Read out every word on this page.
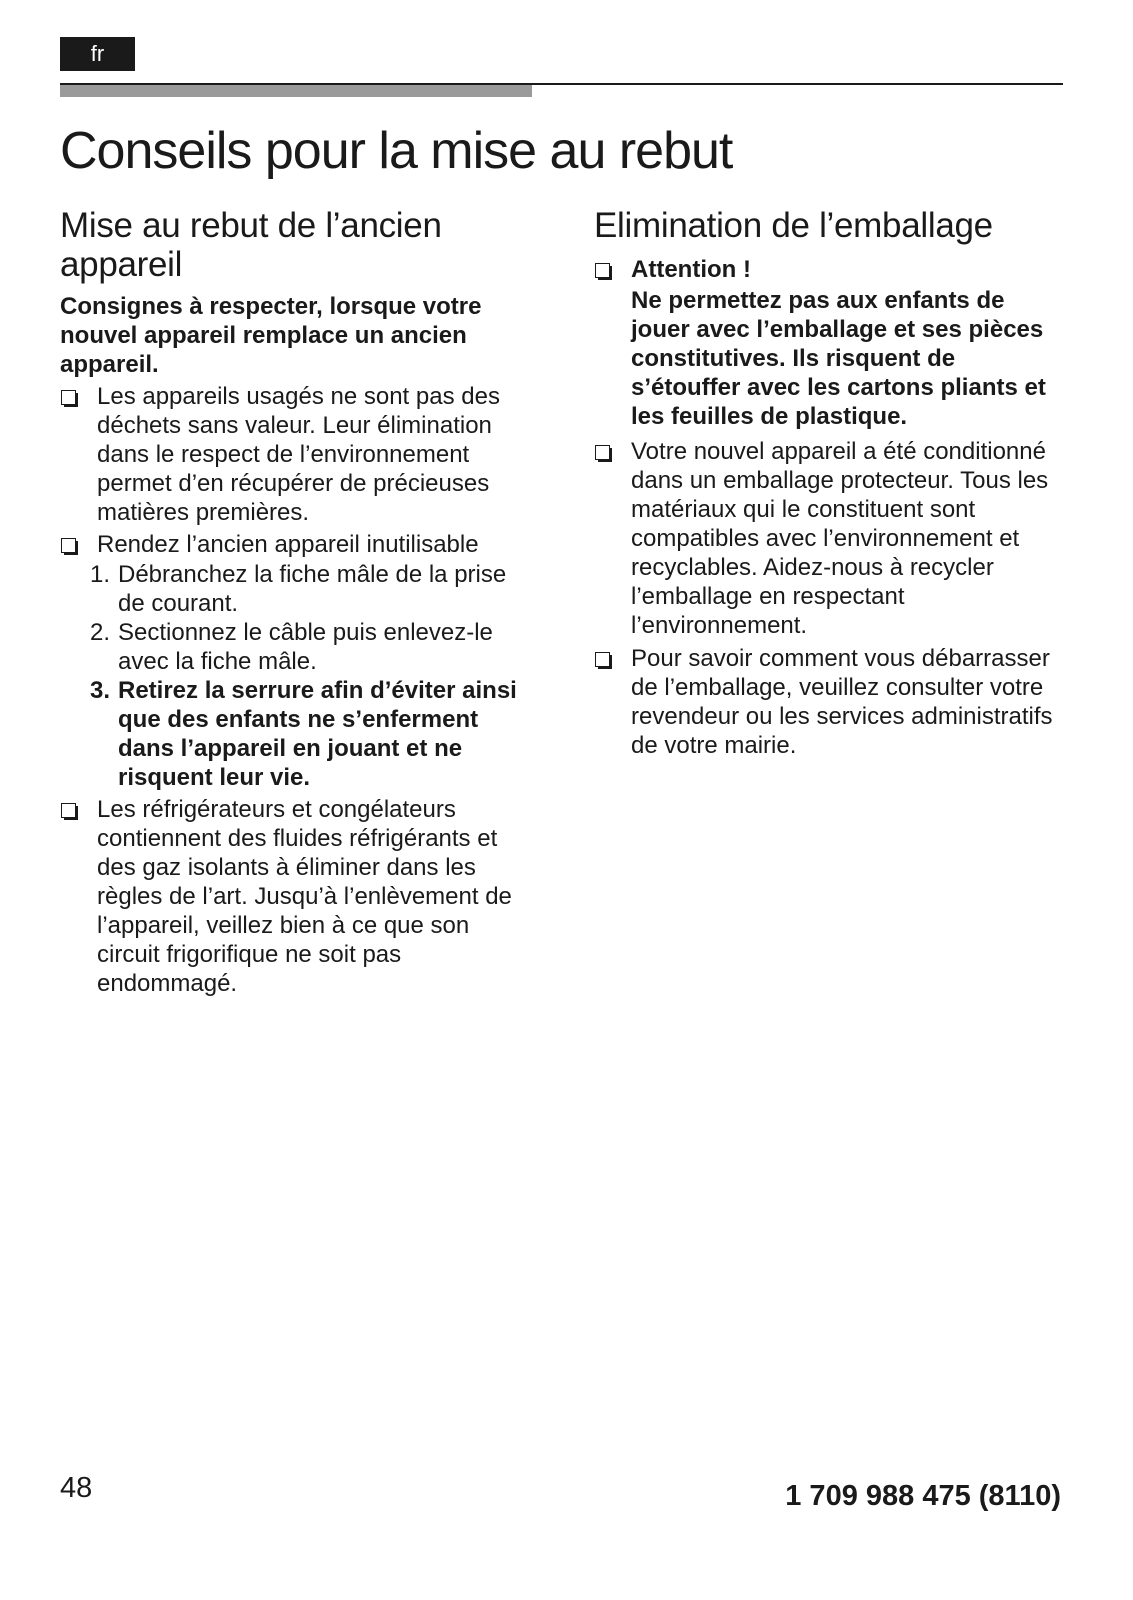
fr
Conseils pour la mise au rebut
Mise au rebut de l’ancien appareil

Consignes à respecter, lorsque votre nouvel appareil remplace un ancien appareil.

Les appareils usagés ne sont pas des déchets sans valeur. Leur élimination dans le respect de l’environnement permet d’en récupérer de précieuses matières premières.
Rendez l’ancien appareil inutilisable
1. Débranchez la fiche mâle de la prise de courant.
2. Sectionnez le câble puis enlevez-le avec la fiche mâle.
3. Retirez la serrure afin d’éviter ainsi que des enfants ne s’enferment dans l’appareil en jouant et ne risquent leur vie.
Les réfrigérateurs et congélateurs contiennent des fluides réfrigérants et des gaz isolants à éliminer dans les règles de l’art. Jusqu’à l’enlèvement de l’appareil, veillez bien à ce que son circuit frigorifique ne soit pas endommagé.
Elimination de l’emballage
Attention !

Ne permettez pas aux enfants de jouer avec l’emballage et ses pièces constitutives. Ils risquent de s’étouffer avec les cartons pliants et les feuilles de plastique.

Votre nouvel appareil a été conditionné dans un emballage protecteur. Tous les matériaux qui le constituent sont compatibles avec l’environnement et recyclables. Aidez-nous à recycler l’emballage en respectant l’environnement.
Pour savoir comment vous débarrasser de l’emballage, veuillez consulter votre revendeur ou les services administratifs de votre mairie.
48	1 709 988 475 (8110)
